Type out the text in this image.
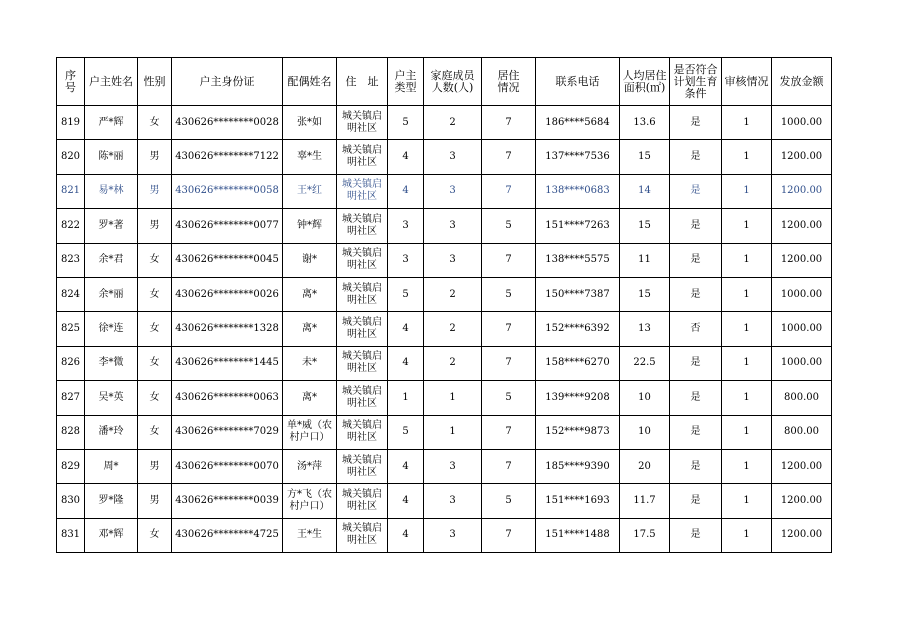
序号	户主姓名	性别	户主身份证	配偶姓名	住　址	户主类型	家庭成员人数(人)	居住情况	联系电话	人均居住面积(㎡)	是否符合计划生育条件	审核情况	发放金额
819	严*辉	女	430626********0028	张*如	城关镇启明社区	5	2	7	186****5684	13.6	是	1	1000.00
820	陈*丽	男	430626********7122	辜*生	城关镇启明社区	4	3	7	137****7536	15	是	1	1200.00
821	易*林	男	430626********0058	王*红	城关镇启明社区	4	3	7	138****0683	14	是	1	1200.00
822	罗*著	男	430626********0077	钟*辉	城关镇启明社区	3	3	5	151****7263	15	是	1	1200.00
823	余*君	女	430626********0045	谢*	城关镇启明社区	3	3	7	138****5575	11	是	1	1200.00
824	余*丽	女	430626********0026	离*	城关镇启明社区	5	2	5	150****7387	15	是	1	1000.00
825	徐*连	女	430626********1328	离*	城关镇启明社区	4	2	7	152****6392	13	否	1	1000.00
826	李*微	女	430626********1445	未*	城关镇启明社区	4	2	7	158****6270	22.5	是	1	1000.00
827	吴*英	女	430626********0063	离*	城关镇启明社区	1	1	5	139****9208	10	是	1	800.00
828	潘*玲	女	430626********7029	单*威（农村户口）	城关镇启明社区	5	1	7	152****9873	10	是	1	800.00
829	周*	男	430626********0070	汤*萍	城关镇启明社区	4	3	7	185****9390	20	是	1	1200.00
830	罗*隆	男	430626********0039	方*飞（农村户口）	城关镇启明社区	4	3	5	151****1693	11.7	是	1	1200.00
831	邓*辉	女	430626********4725	王*生	城关镇启明社区	4	3	7	151****1488	17.5	是	1	1200.00
